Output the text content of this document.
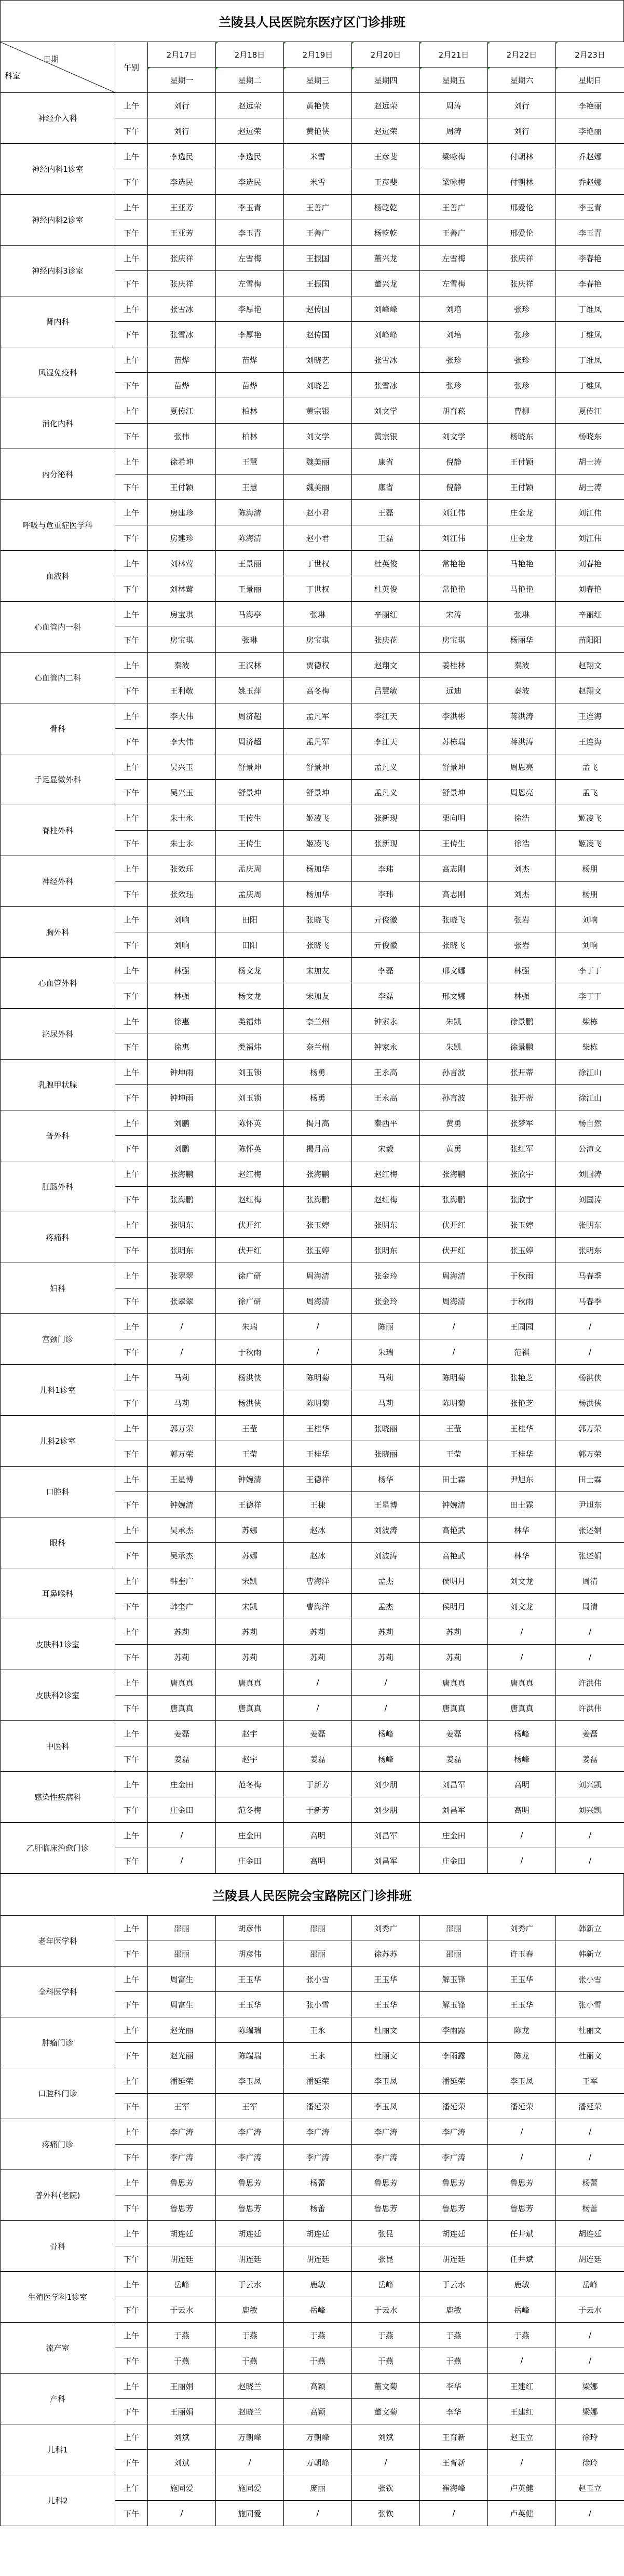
兰陵县人民医院东医疗区门诊排班
日期
科室	午别	2月17日	2月18日	2月19日	2月20日	2月21日	2月22日	2月23日

		星期一	星期二	星期三	星期四	星期五	星期六	星期日

神经介入科	上午	刘行	赵远荣	黄艳侠	赵远荣	周涛	刘行	李艳丽
	下午	刘行	赵远荣	黄艳侠	赵远荣	周涛	刘行	李艳丽
神经内科1诊室	上午	李选民	李选民	米雪	王彦斐	梁咏梅	付朝林	乔赵娜
	下午	李选民	李选民	米雪	王彦斐	梁咏梅	付朝林	乔赵娜
神经内科2诊室	上午	王亚芳	李玉青	王善广	杨乾乾	王善广	邢爱伦	李玉青
	下午	王亚芳	李玉青	王善广	杨乾乾	王善广	邢爱伦	李玉青
神经内科3诊室	上午	张庆祥	左雪梅	王振国	董兴龙	左雪梅	张庆祥	李春艳
	下午	张庆祥	左雪梅	王振国	董兴龙	左雪梅	张庆祥	李春艳
肾内科	上午	张雪冰	李厚艳	赵传国	刘峰峰	刘培	张珍	丁维凤
	下午	张雪冰	李厚艳	赵传国	刘峰峰	刘培	张珍	丁维凤
风湿免疫科	上午	苗烨	苗烨	刘晓艺	张雪冰	张珍	张珍	丁维凤
	下午	苗烨	苗烨	刘晓艺	张雪冰	张珍	张珍	丁维凤
消化内科	上午	夏传江	柏林	黄宗银	刘文学	胡育菘	曹柳	夏传江
	下午	张伟	柏林	刘文学	黄宗银	刘文学	杨晓东	杨晓东
内分泌科	上午	徐希坤	王慧	魏美丽	康省	倪静	王付颖	胡士涛
	下午	王付颖	王慧	魏美丽	康省	倪静	王付颖	胡士涛
呼吸与危重症医学科	上午	房建珍	陈海清	赵小君	王磊	刘江伟	庄金龙	刘江伟
	下午	房建珍	陈海清	赵小君	王磊	刘江伟	庄金龙	刘江伟
血液科	上午	刘林莺	王景丽	丁世权	杜英俊	常艳艳	马艳艳	刘春艳
	下午	刘林莺	王景丽	丁世权	杜英俊	常艳艳	马艳艳	刘春艳
心血管内一科	上午	房宝琪	马海亭	张琳	辛丽红	宋涛	张琳	辛丽红
	下午	房宝琪	张琳	房宝琪	张庆花	房宝琪	杨丽华	苗阳阳
心血管内二科	上午	秦波	王汉林	贾德权	赵翔文	姜桂林	秦波	赵翔文
	下午	王利敬	姚玉萍	高冬梅	吕慧敏	远迪	秦波	赵翔文
骨科	上午	李大伟	周济超	孟凡军	李江天	李洪彬	蒋洪涛	王连海
	下午	李大伟	周济超	孟凡军	李江天	苏栋瑞	蒋洪涛	王连海
手足显微外科	上午	吴兴玉	舒景坤	舒景坤	孟凡义	舒景坤	周恩亮	孟飞
	下午	吴兴玉	舒景坤	舒景坤	孟凡义	舒景坤	周恩亮	孟飞
脊柱外科	上午	朱士永	王传生	姬凌飞	张新现	栗向明	徐浩	姬凌飞
	下午	朱士永	王传生	姬凌飞	张新现	王传生	徐浩	姬凌飞
神经外科	上午	张效珏	孟庆周	杨加华	李玮	高志刚	刘杰	杨朋
	下午	张效珏	孟庆周	杨加华	李玮	高志刚	刘杰	杨朋
胸外科	上午	刘响	田阳	张晓飞	亓俊徽	张晓飞	张岩	刘响
	下午	刘响	田阳	张晓飞	亓俊徽	张晓飞	张岩	刘响
心血管外科	上午	林强	杨文龙	宋加友	李磊	邢文娜	林强	李丁丁
	下午	林强	杨文龙	宋加友	李磊	邢文娜	林强	李丁丁
泌尿外科	上午	徐惠	类福炜	奈兰州	钟家永	朱凯	徐景鹏	柴栋
	下午	徐惠	类福炜	奈兰州	钟家永	朱凯	徐景鹏	柴栋
乳腺甲状腺	上午	钟坤雨	刘玉锁	杨勇	王永高	孙言波	张开蒂	徐江山
	下午	钟坤雨	刘玉锁	杨勇	王永高	孙言波	张开蒂	徐江山
普外科	上午	刘鹏	陈怀英	揭月高	秦西平	黄勇	张梦军	杨自然
	下午	刘鹏	陈怀英	揭月高	宋毅	黄勇	张红军	公沛文
肛肠外科	上午	张海鹏	赵红梅	张海鹏	赵红梅	张海鹏	张欣宇	刘国涛
	下午	张海鹏	赵红梅	张海鹏	赵红梅	张海鹏	张欣宇	刘国涛
疼痛科	上午	张明东	伏开红	张玉婷	张明东	伏开红	张玉婷	张明东
	下午	张明东	伏开红	张玉婷	张明东	伏开红	张玉婷	张明东
妇科	上午	张翠翠	徐广研	周海清	张金玲	周海清	于秋雨	马春季
	下午	张翠翠	徐广研	周海清	张金玲	周海清	于秋雨	马春季
宫颈门诊	上午	/	朱瑞	/	陈丽	/	王园园	/
	下午	/	于秋雨	/	朱瑞	/	范祺	/
儿科1诊室	上午	马莉	杨洪侠	陈明菊	马莉	陈明菊	张艳芝	杨洪侠
	下午	马莉	杨洪侠	陈明菊	马莉	陈明菊	张艳芝	杨洪侠
儿科2诊室	上午	郭万荣	王莹	王桂华	张晓丽	王莹	王桂华	郭万荣
	下午	郭万荣	王莹	王桂华	张晓丽	王莹	王桂华	郭万荣
口腔科	上午	王星博	钟婉清	王德祥	杨华	田士霖	尹旭东	田士霖
	下午	钟婉清	王德祥	王棣	王星博	钟婉清	田士霖	尹旭东
眼科	上午	吴承杰	苏娜	赵冰	刘波涛	高艳武	林华	张述娟
	下午	吴承杰	苏娜	赵冰	刘波涛	高艳武	林华	张述娟
耳鼻喉科	上午	韩奎广	宋凯	曹海洋	孟杰	侯明月	刘文龙	周清
	下午	韩奎广	宋凯	曹海洋	孟杰	侯明月	刘文龙	周清
皮肤科1诊室	上午	苏莉	苏莉	苏莉	苏莉	苏莉	/	/
	下午	苏莉	苏莉	苏莉	苏莉	苏莉	/	/
皮肤科2诊室	上午	唐真真	唐真真	/	/	唐真真	唐真真	许洪伟
	下午	唐真真	唐真真	/	/	唐真真	唐真真	许洪伟
中医科	上午	姜磊	赵宇	姜磊	杨峰	姜磊	杨峰	姜磊
	下午	姜磊	赵宇	姜磊	杨峰	姜磊	杨峰	姜磊
感染性疾病科	上午	庄金田	范冬梅	于新芳	刘少朋	刘昌军	高明	刘兴凯
	下午	庄金田	范冬梅	于新芳	刘少朋	刘昌军	高明	刘兴凯
乙肝临床治愈门诊	上午	/	庄金田	高明	刘昌军	庄金田	/	/
	下午	/	庄金田	高明	刘昌军	庄金田	/	/
兰陵县人民医院会宝路院区门诊排班
老年医学科	上午	邵丽	胡彦伟	邵丽	刘秀广	邵丽	刘秀广	韩新立
	下午	邵丽	胡彦伟	邵丽	徐苏苏	邵丽	许玉春	韩新立
全科医学科	上午	周富生	王玉华	张小雪	王玉华	解玉锋	王玉华	张小雪
	下午	周富生	王玉华	张小雪	王玉华	解玉锋	王玉华	张小雪
肿瘤门诊	上午	赵光丽	陈端瑞	王永	杜丽文	李雨露	陈龙	杜丽文
	下午	赵光丽	陈端瑞	王永	杜丽文	李雨露	陈龙	杜丽文
口腔科门诊	上午	潘延荣	李玉凤	潘延荣	李玉凤	潘延荣	李玉凤	王军
	下午	王军	王军	潘延荣	李玉凤	潘延荣	潘延荣	潘延荣
疼痛门诊	上午	李广涛	李广涛	李广涛	李广涛	李广涛	/	/
	下午	李广涛	李广涛	李广涛	李广涛	李广涛	/	/
普外科(老院)	上午	鲁思芳	鲁思芳	杨蕾	鲁思芳	鲁思芳	鲁思芳	杨蕾
	下午	鲁思芳	鲁思芳	杨蕾	鲁思芳	鲁思芳	鲁思芳	杨蕾
骨科	上午	胡连廷	胡连廷	胡连廷	张昆	胡连廷	任井斌	胡连廷
	下午	胡连廷	胡连廷	胡连廷	张昆	胡连廷	任井斌	胡连廷
生殖医学科1诊室	上午	岳峰	于云水	鹿敏	岳峰	于云水	鹿敏	岳峰
	下午	于云水	鹿敏	岳峰	于云水	鹿敏	岳峰	于云水
流产室	上午	于燕	于燕	于燕	于燕	于燕	于燕	/
	下午	于燕	于燕	于燕	于燕	于燕	/	/
产科	上午	王丽娟	赵晓兰	高颖	董文菊	李华	王建红	梁娜
	下午	王丽娟	赵晓兰	高颖	董文菊	李华	王建红	梁娜
儿科1	上午	刘斌	万朝峰	万朝峰	刘斌	王育新	赵玉立	徐玲
	下午	刘斌	/	万朝峰	/	王育新	/	徐玲
儿科2	上午	施同爱	施同爱	庞丽	张钦	崔海峰	卢英健	赵玉立
	下午	/	施同爱	/	张钦	/	卢英健	/
